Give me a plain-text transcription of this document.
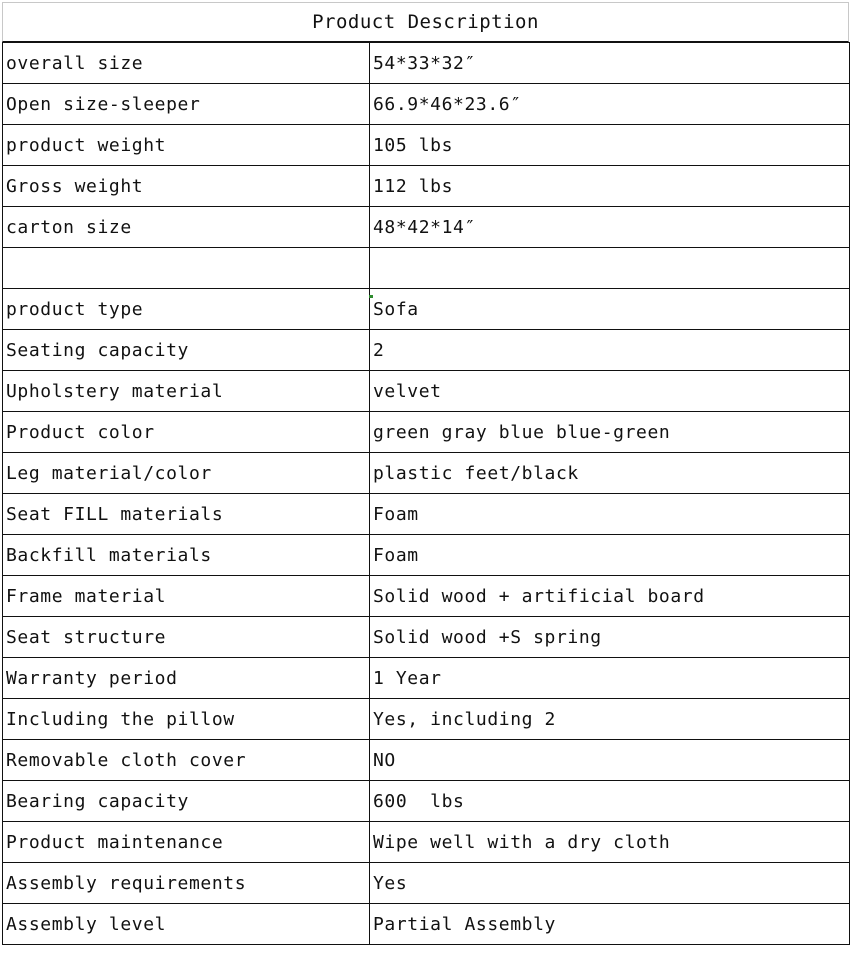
Product Description
overall size	54*33*32″
Open size-sleeper	66.9*46*23.6″
product weight	105 lbs
Gross weight	112 lbs
carton size	48*42*14″

product type	Sofa
Seating capacity	2
Upholstery material	velvet
Product color	green gray blue blue-green
Leg material/color	plastic feet/black
Seat FILL materials	Foam
Backfill materials	Foam
Frame material	Solid wood + artificial board
Seat structure	Solid wood +S spring
Warranty period	1 Year
Including the pillow	Yes, including 2
Removable cloth cover	NO
Bearing capacity	600  lbs
Product maintenance	Wipe well with a dry cloth
Assembly requirements	Yes
Assembly level	Partial Assembly
